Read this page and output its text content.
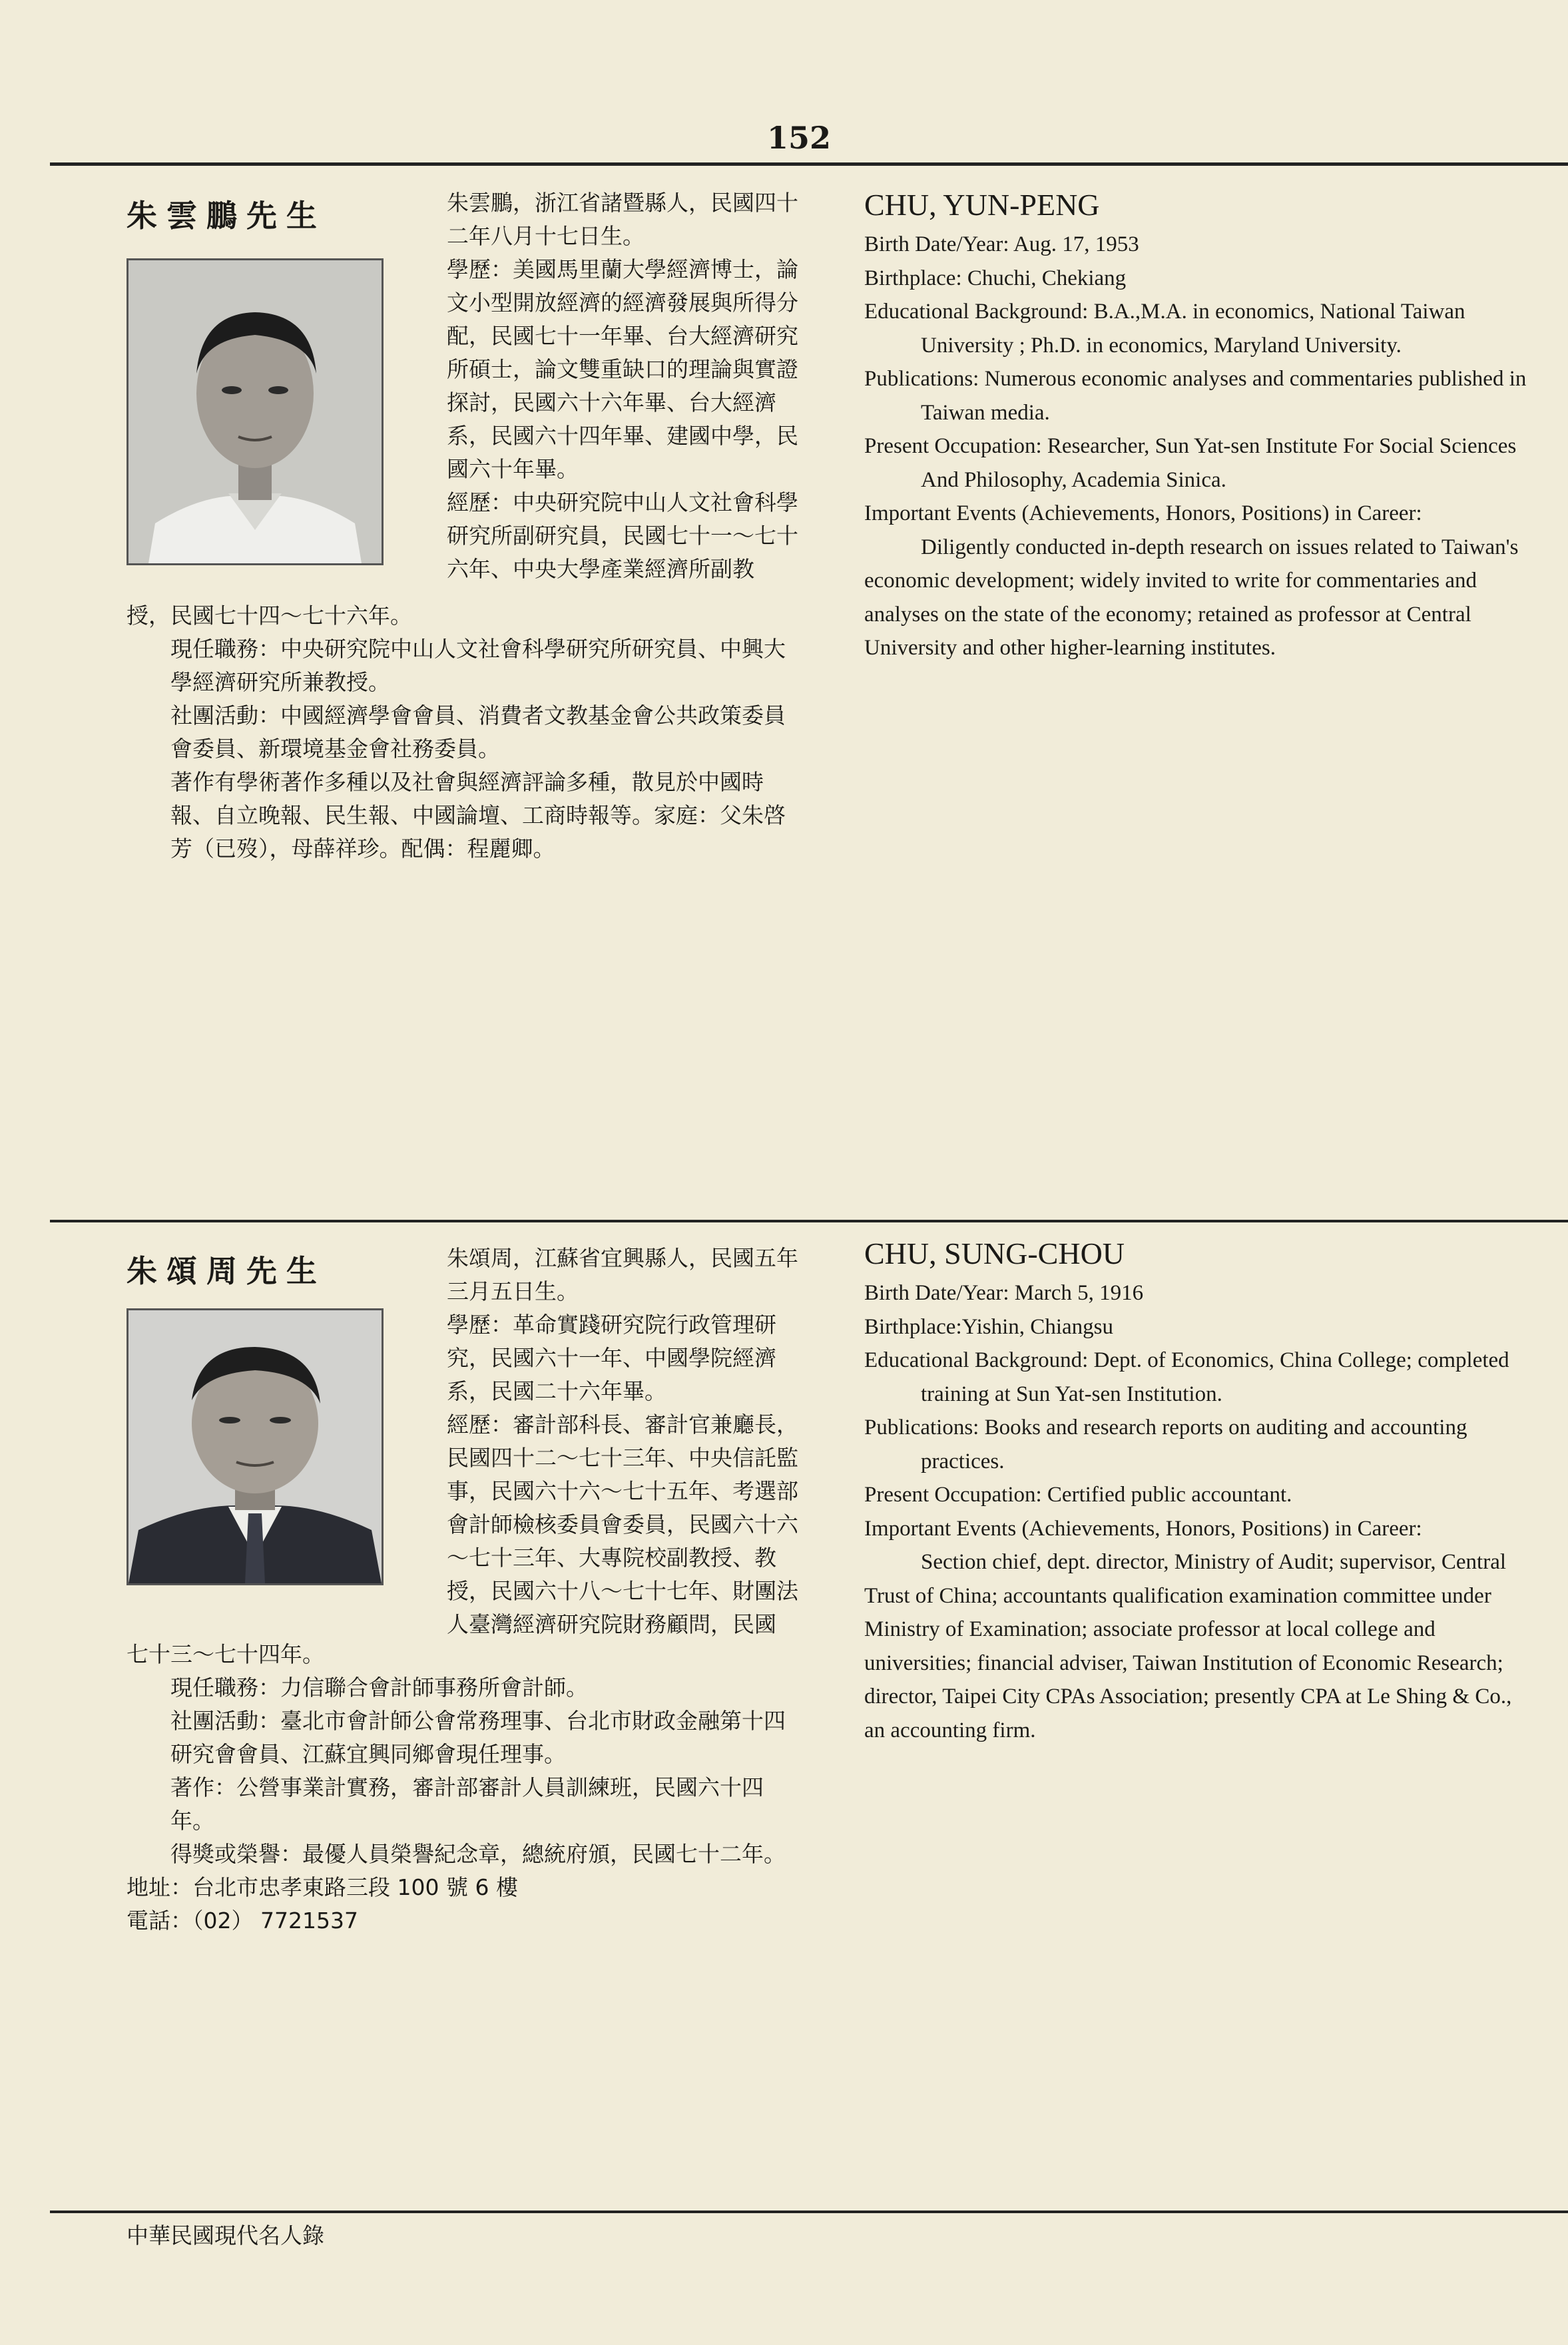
152
朱雲鵬先生	朱雲鵬，浙江省諸暨縣人，民國四十二年八月十七日生。

學歷：美國馬里蘭大學經濟博士，論文小型開放經濟的經濟發展與所得分配，民國七十一年畢、台大經濟研究所碩士，論文雙重缺口的理論與實證探討，民國六十六年畢、台大經濟系，民國六十四年畢、建國中學，民國六十年畢。

經歷：中央研究院中山人文社會科學研究所副研究員，民國七十一～七十六年、中央大學產業經濟所副教

授，民國七十四～七十六年。

現任職務：中央研究院中山人文社會科學研究所研究員、中興大學經濟研究所兼教授。

社團活動：中國經濟學會會員、消費者文教基金會公共政策委員會委員、新環境基金會社務委員。

著作有學術著作多種以及社會與經濟評論多種，散見於中國時報、自立晚報、民生報、中國論壇、工商時報等。家庭：父朱啓芳（已歿），母薛祥珍。配偶：程麗卿。

CHU, YUN-PENG

Birth Date/Year: Aug. 17, 1953

Birthplace: Chuchi, Chekiang

Educational Background: B.A.,M.A. in economics, National Taiwan University ; Ph.D. in economics, Maryland University.

Publications: Numerous economic analyses and commentaries published in Taiwan media.

Present Occupation: Researcher, Sun Yat-sen Institute For Social Sciences And Philosophy, Academia Sinica.

Important Events (Achievements, Honors, Positions) in Career:

Diligently conducted in-depth research on issues related to Taiwan's economic development; widely invited to write for commentaries and analyses on the state of the economy; retained as professor at Central University and other higher-learning institutes.

朱頌周先生	朱頌周，江蘇省宜興縣人，民國五年三月五日生。

學歷：革命實踐研究院行政管理研究，民國六十一年、中國學院經濟系，民國二十六年畢。

經歷：審計部科長、審計官兼廳長，民國四十二～七十三年、中央信託監事，民國六十六～七十五年、考選部會計師檢核委員會委員，民國六十六～七十三年、大專院校副教授、教授，民國六十八～七十七年、財團法人臺灣經濟研究院財務顧問，民國

七十三～七十四年。

現任職務：力信聯合會計師事務所會計師。

社團活動：臺北市會計師公會常務理事、台北市財政金融第十四研究會會員、江蘇宜興同鄉會現任理事。

著作：公營事業計實務，審計部審計人員訓練班，民國六十四年。

得獎或榮譽：最優人員榮譽紀念章，總統府頒，民國七十二年。

地址：台北市忠孝東路三段 100 號 6 樓

電話：（02） 7721537

CHU, SUNG-CHOU

Birth Date/Year: March 5, 1916

Birthplace:Yishin, Chiangsu

Educational Background: Dept. of Economics, China College; completed training at Sun Yat-sen Institution.

Publications: Books and research reports on auditing and accounting practices.

Present Occupation: Certified public accountant.

Important Events (Achievements, Honors, Positions) in Career:

Section chief, dept. director, Ministry of Audit; supervisor, Central Trust of China; accountants qualification examination committee under Ministry of Examination; associate professor at local college and universities; financial adviser, Taiwan Institution of Economic Research; director, Taipei City CPAs Association; presently CPA at Le Shing & Co., an accounting firm.

中華民國現代名人錄
